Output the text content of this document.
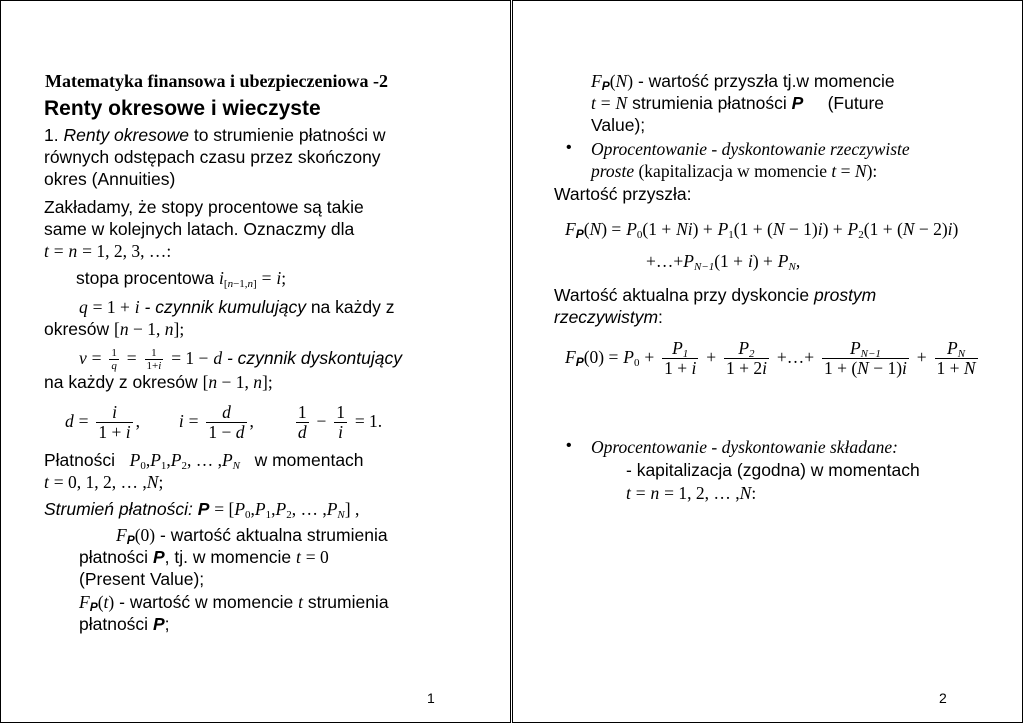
Matematyka finansowa i ubezpieczeniowa -2
Renty okresowe i wieczyste
1. Renty okresowe to strumienie płatności w
równych odstępach czasu przez skończony
okres (Annuities)
Zakładamy, że stopy procentowe są takie
same w kolejnych latach. Oznaczmy dla
t = n = 1, 2, 3, …:
stopa procentowa $i_{[n-1,n]} = i$;
q = 1 + i - czynnik kumulujący na każdy z
okresów [n − 1, n];
$v = \frac{1}{q} = \frac{1}{1+i} = 1 - d$ - czynnik dyskontujący
na każdy z okresów [n − 1, n];
$d = \frac{i}{1 + i}$ , $i = \frac{d}{1 - d}$ , $\frac{1}{d} - \frac{1}{i} = 1$.
Płatności $P_0,P_1,P_2$, … $,P_N$ w momentach
t = 0, 1, 2, … ,N;
Strumień płatności: $P = [P_0,P_1,P_2$, … $,P_N$] ,
FP(0) - wartość aktualna strumienia
płatności P, tj. w momencie t = 0
(Present Value);
FP(t) - wartość w momencie t strumienia
płatności P;
1
FP(N) - wartość przyszła tj.w momencie
t = N strumienia płatności P (Future
Value);
• Oprocentowanie - dyskontowanie rzeczywiste
proste (kapitalizacja w momencie t = N):
Wartość przyszła:
$FP(N) = P_0(1 + Ni) + P_1(1 + (N - 1)i) + P_2(1 + (N - 2)i)$
$+\dots+P_{N-1}(1 + i) + P_N$,
Wartość aktualna przy dyskoncie prostym
rzeczywistym:
$FP(0) = P_0 + \frac{P_1}{1 + i} + \frac{P_2}{1 + 2i}$ +…+ $\frac{P_{N-1}}{1 + (N - 1)i} + \frac{P_N}{1 + N}$
• Oprocentowanie - dyskontowanie składane:
- kapitalizacja (zgodna) w momentach
t = n = 1, 2, … ,N:
2
